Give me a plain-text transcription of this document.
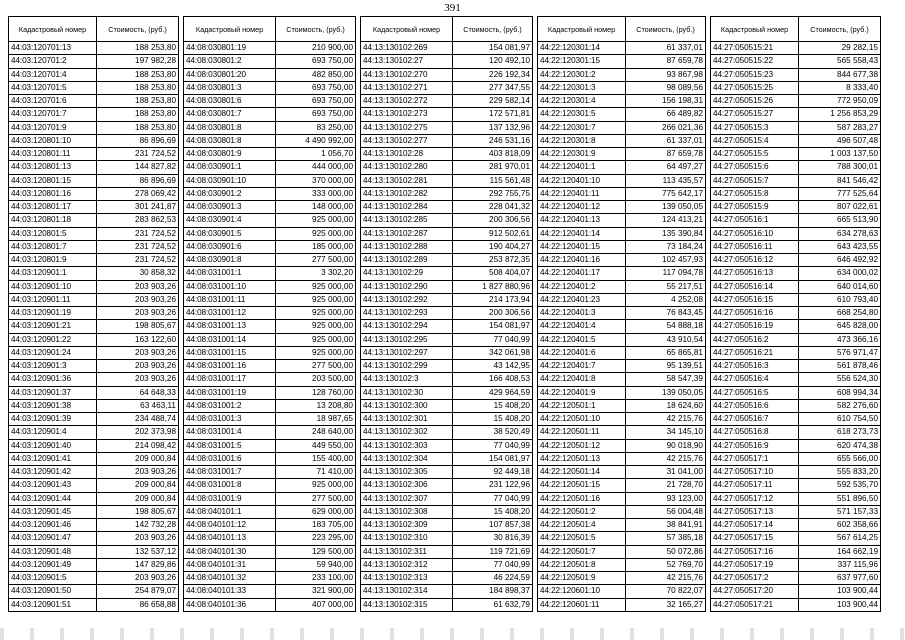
391
Кадастровый номер	Стоимость, (руб.)
44:03:120701:13	188 253,80
44:03:120701:2	197 982,28
44:03:120701:4	188 253,80
44:03:120701:5	188 253,80
44:03:120701:6	188 253,80
44:03:120701:7	188 253,80
44:03:120701:9	188 253,80
44:03:120801:10	86 896,69
44:03:120801:11	231 724,52
44:03:120801:13	144 827,82
44:03:120801:15	86 896,69
44:03:120801:16	278 069,42
44:03:120801:17	301 241,87
44:03:120801:18	283 862,53
44:03:120801:5	231 724,52
44:03:120801:7	231 724,52
44:03:120801:9	231 724,52
44:03:120901:1	30 858,32
44:03:120901:10	203 903,26
44:03:120901:11	203 903,26
44:03:120901:19	203 903,26
44:03:120901:21	198 805,67
44:03:120901:22	163 122,60
44:03:120901:24	203 903,26
44:03:120901:3	203 903,26
44:03:120901:36	203 903,26
44:03:120901:37	64 648,33
44:03:120901:38	63 463,11
44:03:120901:39	234 488,74
44:03:120901:4	202 373,98
44:03:120901:40	214 098,42
44:03:120901:41	209 000,84
44:03:120901:42	203 903,26
44:03:120901:43	209 000,84
44:03:120901:44	209 000,84
44:03:120901:45	198 805,67
44:03:120901:46	142 732,28
44:03:120901:47	203 903,26
44:03:120901:48	132 537,12
44:03:120901:49	147 829,86
44:03:120901:5	203 903,26
44:03:120901:50	254 879,07
44:03:120901:51	86 658,88
Кадастровый номер	Стоимость, (руб.)
44:08:030801:19	210 900,00
44:08:030801:2	693 750,00
44:08:030801:20	482 850,00
44:08:030801:3	693 750,00
44:08:030801:6	693 750,00
44:08:030801:7	693 750,00
44:08:030801:8	83 250,00
44:08:030801:8	4 490 992,00
44:08:030801:9	1 056,70
44:08:030901:1	444 000,00
44:08:030901:10	370 000,00
44:08:030901:2	333 000,00
44:08:030901:3	148 000,00
44:08:030901:4	925 000,00
44:08:030901:5	925 000,00
44:08:030901:6	185 000,00
44:08:030901:8	277 500,00
44:08:031001:1	3 302,20
44:08:031001:10	925 000,00
44:08:031001:11	925 000,00
44:08:031001:12	925 000,00
44:08:031001:13	925 000,00
44:08:031001:14	925 000,00
44:08:031001:15	925 000,00
44:08:031001:16	277 500,00
44:08:031001:17	203 500,00
44:08:031001:19	128 760,00
44:08:031001:2	13 208,80
44:08:031001:3	18 987,65
44:08:031001:4	248 640,00
44:08:031001:5	449 550,00
44:08:031001:6	155 400,00
44:08:031001:7	71 410,00
44:08:031001:8	925 000,00
44:08:031001:9	277 500,00
44:08:040101:1	629 000,00
44:08:040101:12	183 705,00
44:08:040101:13	223 295,00
44:08:040101:30	129 500,00
44:08:040101:31	59 940,00
44:08:040101:32	233 100,00
44:08:040101:33	321 900,00
44:08:040101:36	407 000,00
Кадастровый номер	Стоимость, (руб.)
44:13:130102:269	154 081,97
44:13:130102:27	120 492,10
44:13:130102:270	226 192,34
44:13:130102:271	277 347,55
44:13:130102:272	229 582,14
44:13:130102:273	172 571,81
44:13:130102:275	137 132,96
44:13:130102:277	246 531,16
44:13:130102:28	403 818,09
44:13:130102:280	281 970,01
44:13:130102:281	115 561,48
44:13:130102:282	292 755,75
44:13:130102:284	228 041,32
44:13:130102:285	200 306,56
44:13:130102:287	912 502,61
44:13:130102:288	190 404,27
44:13:130102:289	253 872,35
44:13:130102:29	508 404,07
44:13:130102:290	1 827 880,96
44:13:130102:292	214 173,94
44:13:130102:293	200 306,56
44:13:130102:294	154 081,97
44:13:130102:295	77 040,99
44:13:130102:297	342 061,98
44:13:130102:299	43 142,95
44:13:130102:3	166 408,53
44:13:130102:30	429 964,59
44:13:130102:300	15 408,20
44:13:130102:301	15 408,20
44:13:130102:302	38 520,49
44:13:130102:303	77 040,99
44:13:130102:304	154 081,97
44:13:130102:305	92 449,18
44:13:130102:306	231 122,96
44:13:130102:307	77 040,99
44:13:130102:308	15 408,20
44:13:130102:309	107 857,38
44:13:130102:310	30 816,39
44:13:130102:311	119 721,69
44:13:130102:312	77 040,99
44:13:130102:313	46 224,59
44:13:130102:314	184 898,37
44:13:130102:315	61 632,79
Кадастровый номер	Стоимость, (руб.)
44:22:120301:14	61 337,01
44:22:120301:15	87 659,78
44:22:120301:2	93 867,98
44:22:120301:3	98 089,56
44:22:120301:4	156 198,31
44:22:120301:5	66 489,82
44:22:120301:7	266 021,36
44:22:120301:8	61 337,01
44:22:120301:9	87 659,78
44:22:120401:1	64 497,27
44:22:120401:10	113 435,57
44:22:120401:11	775 642,17
44:22:120401:12	139 050,05
44:22:120401:13	124 413,21
44:22:120401:14	135 390,84
44:22:120401:15	73 184,24
44:22:120401:16	102 457,93
44:22:120401:17	117 094,78
44:22:120401:2	55 217,51
44:22:120401:23	4 252,08
44:22:120401:3	76 843,45
44:22:120401:4	54 888,18
44:22:120401:5	43 910,54
44:22:120401:6	65 865,81
44:22:120401:7	95 139,51
44:22:120401:8	58 547,39
44:22:120401:9	139 050,05
44:22:120501:1	18 624,60
44:22:120501:10	42 215,76
44:22:120501:11	34 145,10
44:22:120501:12	90 018,90
44:22:120501:13	42 215,76
44:22:120501:14	31 041,00
44:22:120501:15	21 728,70
44:22:120501:16	93 123,00
44:22:120501:2	56 004,48
44:22:120501:4	38 841,91
44:22:120501:5	57 385,18
44:22:120501:7	50 072,86
44:22:120501:8	52 769,70
44:22:120501:9	42 215,76
44:22:120601:10	70 822,07
44:22:120601:11	32 165,27
Кадастровый номер	Стоимость, (руб.)
44:27:050515:21	29 282,15
44:27:050515:22	565 558,43
44:27:050515:23	844 677,38
44:27:050515:25	8 333,40
44:27:050515:26	772 950,09
44:27:050515:27	1 256 853,29
44:27:050515:3	587 283,27
44:27:050515:4	496 507,48
44:27:050515:5	1 003 137,50
44:27:050515:6	788 300,01
44:27:050515:7	841 546,42
44:27:050515:8	777 525,64
44:27:050515:9	807 022,61
44:27:050516:1	665 513,90
44:27:050516:10	634 278,63
44:27:050516:11	643 423,55
44:27:050516:12	646 492,92
44:27:050516:13	634 000,02
44:27:050516:14	640 014,60
44:27:050516:15	610 793,40
44:27:050516:16	668 254,80
44:27:050516:19	645 828,00
44:27:050516:2	473 366,16
44:27:050516:21	576 971,47
44:27:050516:3	561 878,46
44:27:050516:4	556 524,30
44:27:050516:5	608 994,34
44:27:050516:6	582 276,60
44:27:050516:7	610 754,50
44:27:050516:8	618 273,73
44:27:050516:9	620 474,38
44:27:050517:1	655 566,00
44:27:050517:10	555 833,20
44:27:050517:11	592 535,70
44:27:050517:12	551 896,50
44:27:050517:13	571 157,33
44:27:050517:14	602 358,66
44:27:050517:15	567 614,25
44:27:050517:16	164 662,19
44:27:050517:19	337 115,96
44:27:050517:2	637 977,60
44:27:050517:20	103 900,44
44:27:050517:21	103 900,44
